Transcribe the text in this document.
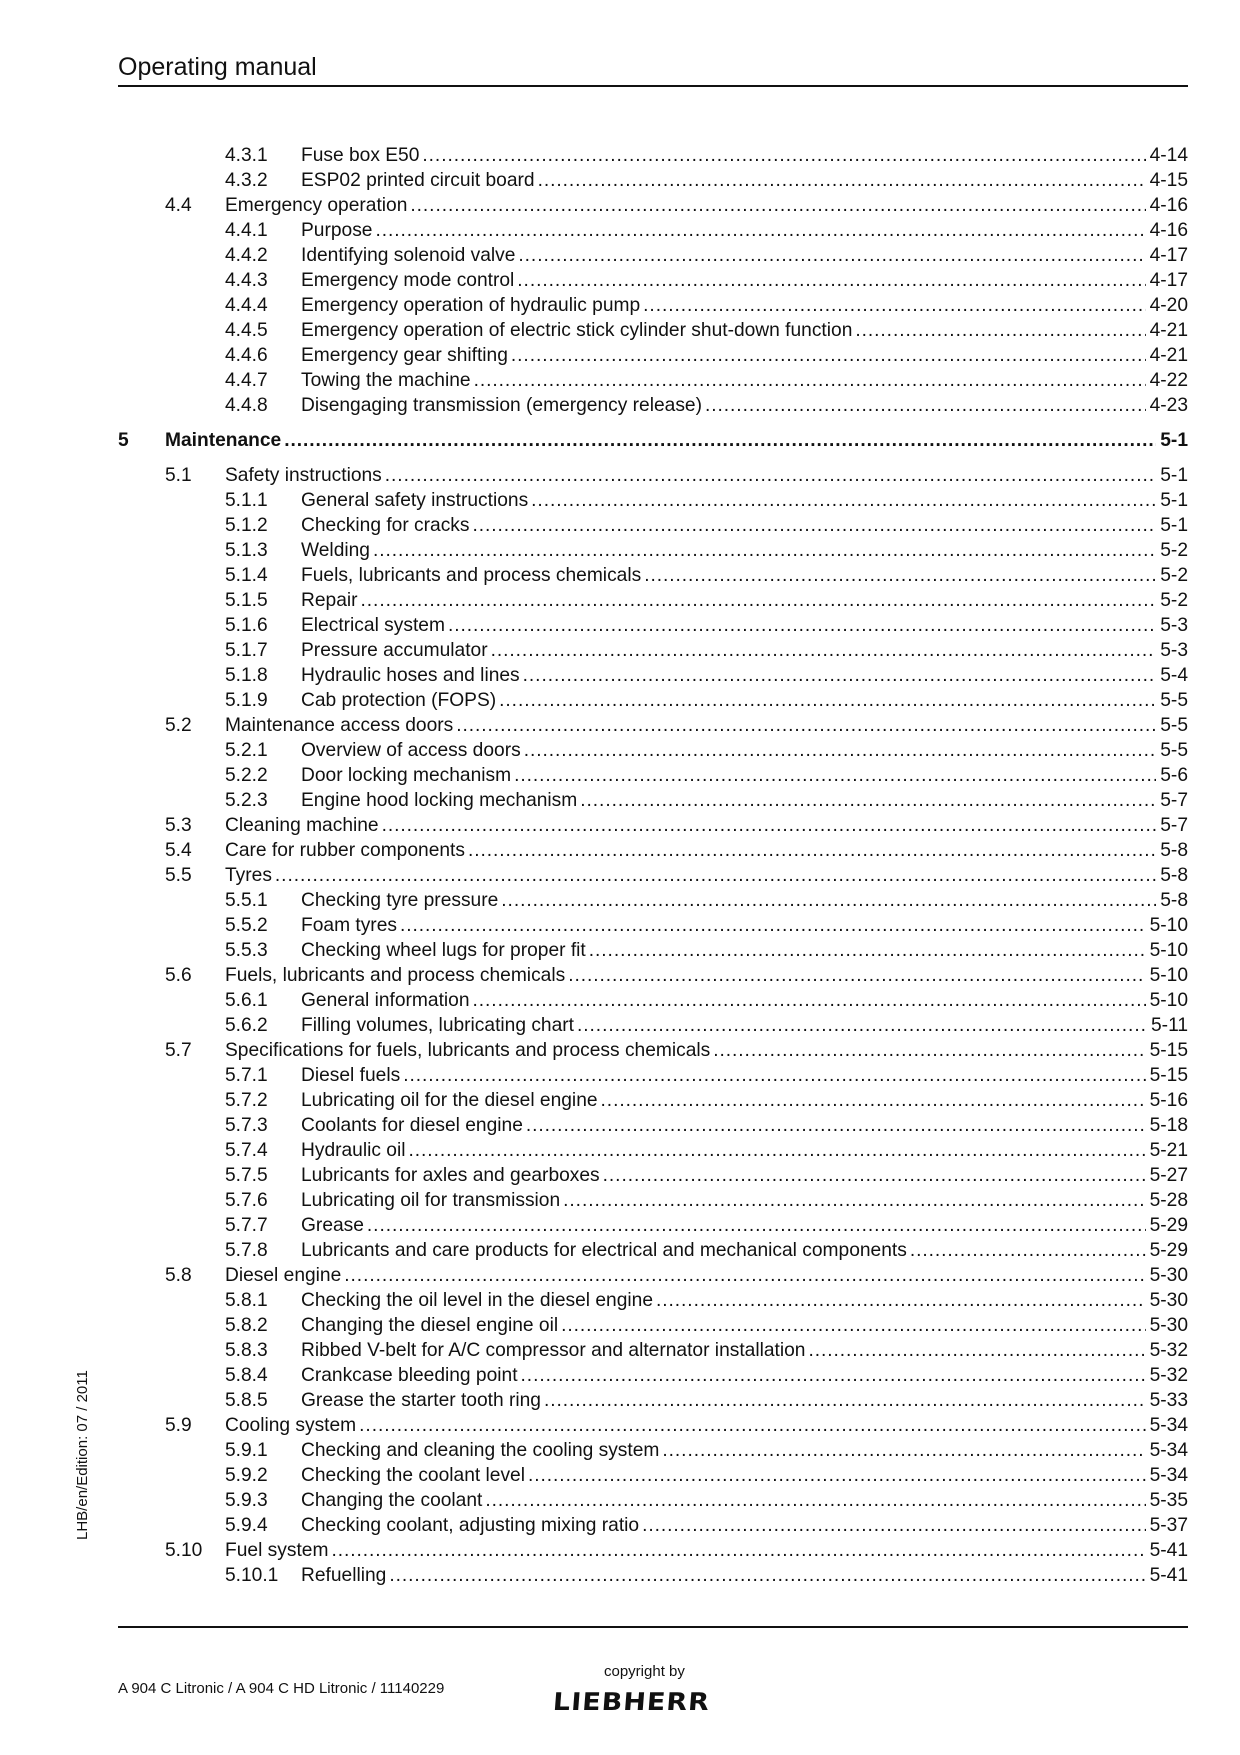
Operating manual
4.3.1 Fuse box E50 . . .	4-14
4.3.2 ESP02 printed circuit board . . .	4-15
4.4 Emergency operation . . .	4-16
4.4.1 Purpose . . .	4-16
4.4.2 Identifying solenoid valve . . .	4-17
4.4.3 Emergency mode control . . .	4-17
4.4.4 Emergency operation of hydraulic pump . . .	4-20
4.4.5 Emergency operation of electric stick cylinder shut-down function . . .	4-21
4.4.6 Emergency gear shifting . . .	4-21
4.4.7 Towing the machine . . .	4-22
4.4.8 Disengaging transmission (emergency release) . . .	4-23
5 Maintenance . . .	5-1
5.1 Safety instructions . . .	5-1
5.1.1 General safety instructions . . .	5-1
5.1.2 Checking for cracks . . .	5-1
5.1.3 Welding . . .	5-2
5.1.4 Fuels, lubricants and process chemicals . . .	5-2
5.1.5 Repair . . .	5-2
5.1.6 Electrical system . . .	5-3
5.1.7 Pressure accumulator . . .	5-3
5.1.8 Hydraulic hoses and lines . . .	5-4
5.1.9 Cab protection (FOPS) . . .	5-5
5.2 Maintenance access doors . . .	5-5
5.2.1 Overview of access doors . . .	5-5
5.2.2 Door locking mechanism . . .	5-6
5.2.3 Engine hood locking mechanism . . .	5-7
5.3 Cleaning machine . . .	5-7
5.4 Care for rubber components . . .	5-8
5.5 Tyres . . .	5-8
5.5.1 Checking tyre pressure . . .	5-8
5.5.2 Foam tyres . . .	5-10
5.5.3 Checking wheel lugs for proper fit . . .	5-10
5.6 Fuels, lubricants and process chemicals . . .	5-10
5.6.1 General information . . .	5-10
5.6.2 Filling volumes, lubricating chart . . .	5-11
5.7 Specifications for fuels, lubricants and process chemicals . . .	5-15
5.7.1 Diesel fuels . . .	5-15
5.7.2 Lubricating oil for the diesel engine . . .	5-16
5.7.3 Coolants for diesel engine . . .	5-18
5.7.4 Hydraulic oil . . .	5-21
5.7.5 Lubricants for axles and gearboxes . . .	5-27
5.7.6 Lubricating oil for transmission . . .	5-28
5.7.7 Grease . . .	5-29
5.7.8 Lubricants and care products for electrical and mechanical components . . .	5-29
5.8 Diesel engine . . .	5-30
5.8.1 Checking the oil level in the diesel engine . . .	5-30
5.8.2 Changing the diesel engine oil . . .	5-30
5.8.3 Ribbed V-belt for A/C compressor and alternator installation . . .	5-32
5.8.4 Crankcase bleeding point . . .	5-32
5.8.5 Grease the starter tooth ring . . .	5-33
5.9 Cooling system . . .	5-34
5.9.1 Checking and cleaning the cooling system . . .	5-34
5.9.2 Checking the coolant level . . .	5-34
5.9.3 Changing the coolant . . .	5-35
5.9.4 Checking coolant, adjusting mixing ratio . . .	5-37
5.10 Fuel system . . .	5-41
5.10.1 Refuelling . . .	5-41
LHB/en/Edition: 07 / 2011
A 904 C Litronic / A 904 C HD Litronic / 11140229
copyright by
LIEBHERR
